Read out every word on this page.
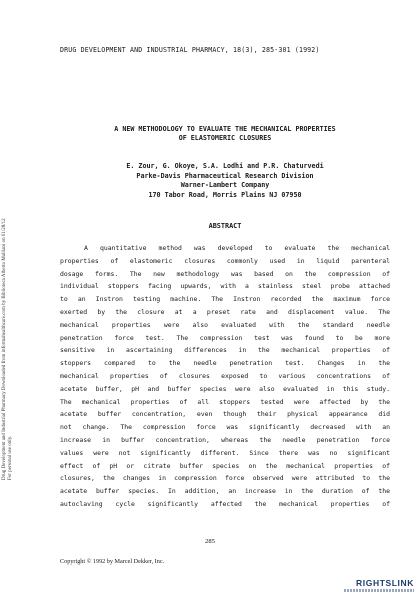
Drug Development and Industrial Pharmacy Downloaded from informahealthcare.com by Biblioteca Alberto Malliani on 01/28/12 For personal use only.
DRUG DEVELOPMENT AND INDUSTRIAL PHARMACY, 18(3), 285-301 (1992)
A NEW METHODOLOGY TO EVALUATE THE MECHANICAL PROPERTIES
OF ELASTOMERIC CLOSURES
E. Zour, G. Okoye, S.A. Lodhi and P.R. Chaturvedi
Parke-Davis Pharmaceutical Research Division
Warner-Lambert Company
170 Tabor Road, Morris Plains NJ 07950
ABSTRACT
A quantitative method was developed to evaluate the mechanical
properties of elastomeric closures commonly used in liquid parenteral
dosage forms. The new methodology was based on the compression of
individual stoppers facing upwards, with a stainless steel probe attached
to an Instron testing machine. The Instron recorded the maximum force
exerted by the closure at a preset rate and displacement value. The
mechanical properties were also evaluated with the standard needle
penetration force test. The compression test was found to be more
sensitive in ascertaining differences in the mechanical properties of
stoppers compared to the needle penetration test. Changes in the
mechanical properties of closures exposed to various concentrations of
acetate buffer, pH and buffer species were also evaluated in this study.
The mechanical properties of all stoppers tested were affected by the
acetate buffer concentration, even though their physical appearance did
not change. The compression force was significantly decreased with an
increase in buffer concentration, whereas the needle penetration force
values were not significantly different. Since there was no significant
effect of pH or citrate buffer species on the mechanical properties of
closures, the changes in compression force observed were attributed to the
acetate buffer species. In addition, an increase in the duration of the
autoclaving cycle significantly affected the mechanical properties of
285
Copyright © 1992 by Marcel Dekker, Inc.
RIGHTSLINK
